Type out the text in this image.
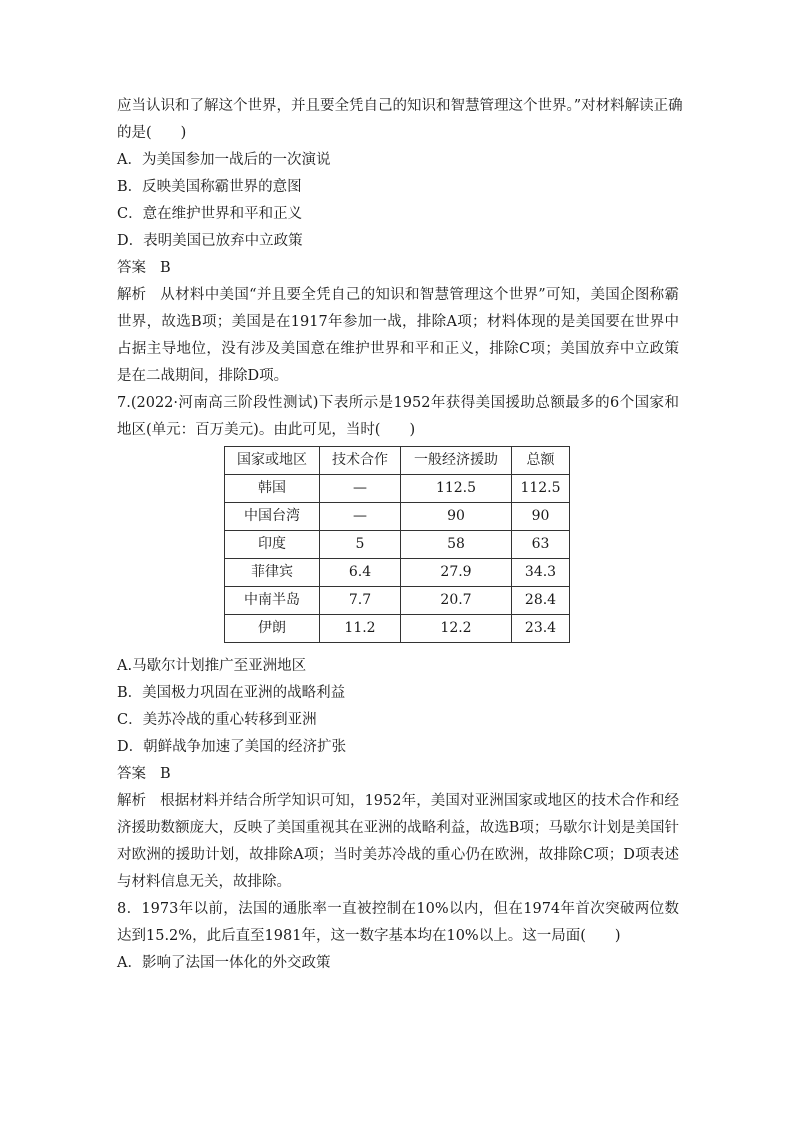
应当认识和了解这个世界，并且要全凭自己的知识和智慧管理这个世界。”对材料解读正确
的是(　　)
A．为美国参加一战后的一次演说
B．反映美国称霸世界的意图
C．意在维护世界和平和正义
D．表明美国已放弃中立政策
答案 B
解析 从材料中美国“并且要全凭自己的知识和智慧管理这个世界”可知，美国企图称霸世界，故选B项；美国是在1917年参加一战，排除A项；材料体现的是美国要在世界中占据主导地位，没有涉及美国意在维护世界和平和正义，排除C项；美国放弃中立政策是在二战期间，排除D项。
7.(2022·河南高三阶段性测试)下表所示是1952年获得美国援助总额最多的6个国家和地区(单元：百万美元)。由此可见，当时(　　)
国家或地区	技术合作	一般经济援助	总额
韩国	—	112.5	112.5
中国台湾	—	90	90
印度	5	58	63
菲律宾	6.4	27.9	34.3
中南半岛	7.7	20.7	28.4
伊朗	11.2	12.2	23.4
A.马歇尔计划推广至亚洲地区
B．美国极力巩固在亚洲的战略利益
C．美苏冷战的重心转移到亚洲
D．朝鲜战争加速了美国的经济扩张
答案 B
解析 根据材料并结合所学知识可知，1952年，美国对亚洲国家或地区的技术合作和经济援助数额庞大，反映了美国重视其在亚洲的战略利益，故选B项；马歇尔计划是美国针对欧洲的援助计划，故排除A项；当时美苏冷战的重心仍在欧洲，故排除C项；D项表述与材料信息无关，故排除。
8．1973年以前，法国的通胀率一直被控制在10%以内，但在1974年首次突破两位数达到15.2%，此后直至1981年，这一数字基本均在10%以上。这一局面(　　)
A．影响了法国一体化的外交政策
